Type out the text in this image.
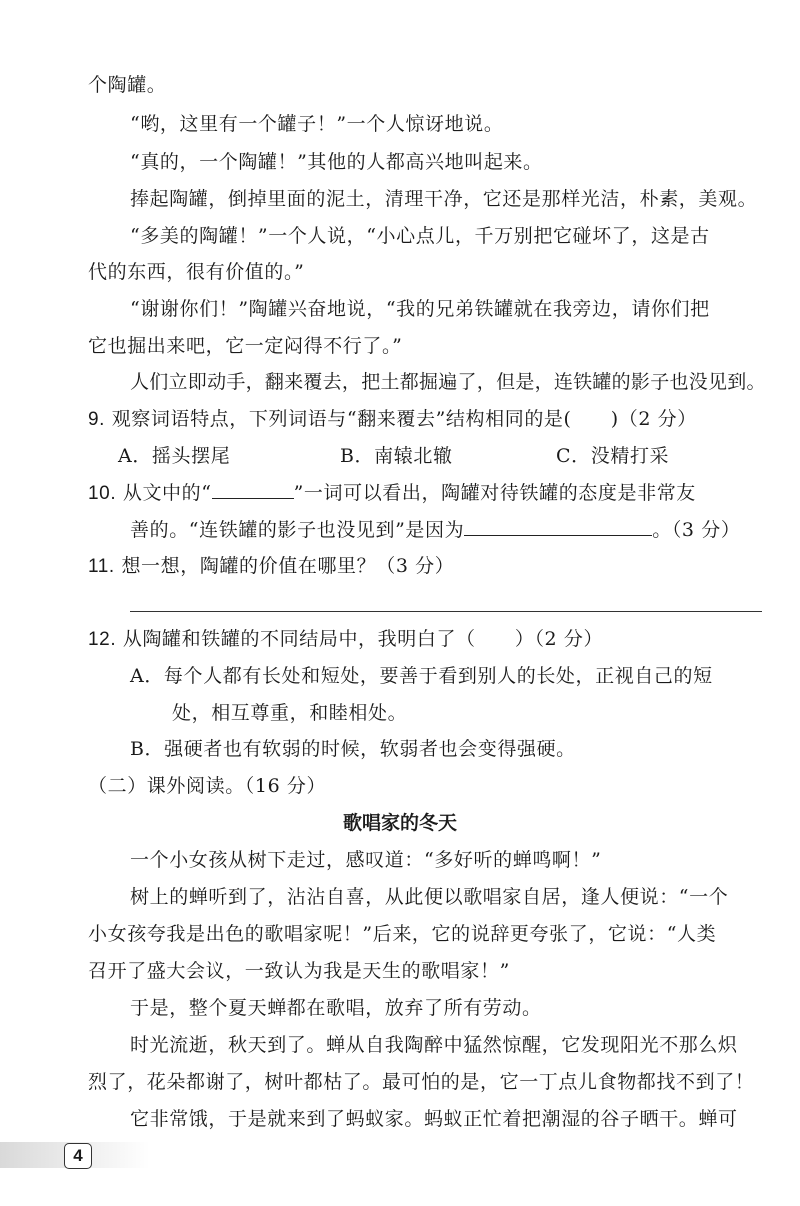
个陶罐。
“哟，这里有一个罐子！”一个人惊讶地说。
“真的，一个陶罐！”其他的人都高兴地叫起来。
捧起陶罐，倒掉里面的泥土，清理干净，它还是那样光洁，朴素，美观。
“多美的陶罐！”一个人说，“小心点儿，千万别把它碰坏了，这是古
代的东西，很有价值的。”
“谢谢你们！”陶罐兴奋地说，“我的兄弟铁罐就在我旁边，请你们把
它也掘出来吧，它一定闷得不行了。”
人们立即动手，翻来覆去，把土都掘遍了，但是，连铁罐的影子也没见到。
9. 观察词语特点，下列词语与“翻来覆去”结构相同的是(　　)（2 分）
A．摇头摆尾	B．南辕北辙	C．没精打采
10. 从文中的“	”一词可以看出，陶罐对待铁罐的态度是非常友
善的。“连铁罐的影子也没见到”是因为	。（3 分）
11. 想一想，陶罐的价值在哪里？（3 分）
12. 从陶罐和铁罐的不同结局中，我明白了（　　）（2 分）
A．每个人都有长处和短处，要善于看到别人的长处，正视自己的短
处，相互尊重，和睦相处。
B．强硬者也有软弱的时候，软弱者也会变得强硬。
（二）课外阅读。（16 分）
歌唱家的冬天
一个小女孩从树下走过，感叹道：“多好听的蝉鸣啊！”
树上的蝉听到了，沾沾自喜，从此便以歌唱家自居，逢人便说：“一个
小女孩夸我是出色的歌唱家呢！”后来，它的说辞更夸张了，它说：“人类
召开了盛大会议，一致认为我是天生的歌唱家！”
于是，整个夏天蝉都在歌唱，放弃了所有劳动。
时光流逝，秋天到了。蝉从自我陶醉中猛然惊醒，它发现阳光不那么炽
烈了，花朵都谢了，树叶都枯了。最可怕的是，它一丁点儿食物都找不到了！
它非常饿，于是就来到了蚂蚁家。蚂蚁正忙着把潮湿的谷子晒干。蝉可
4
